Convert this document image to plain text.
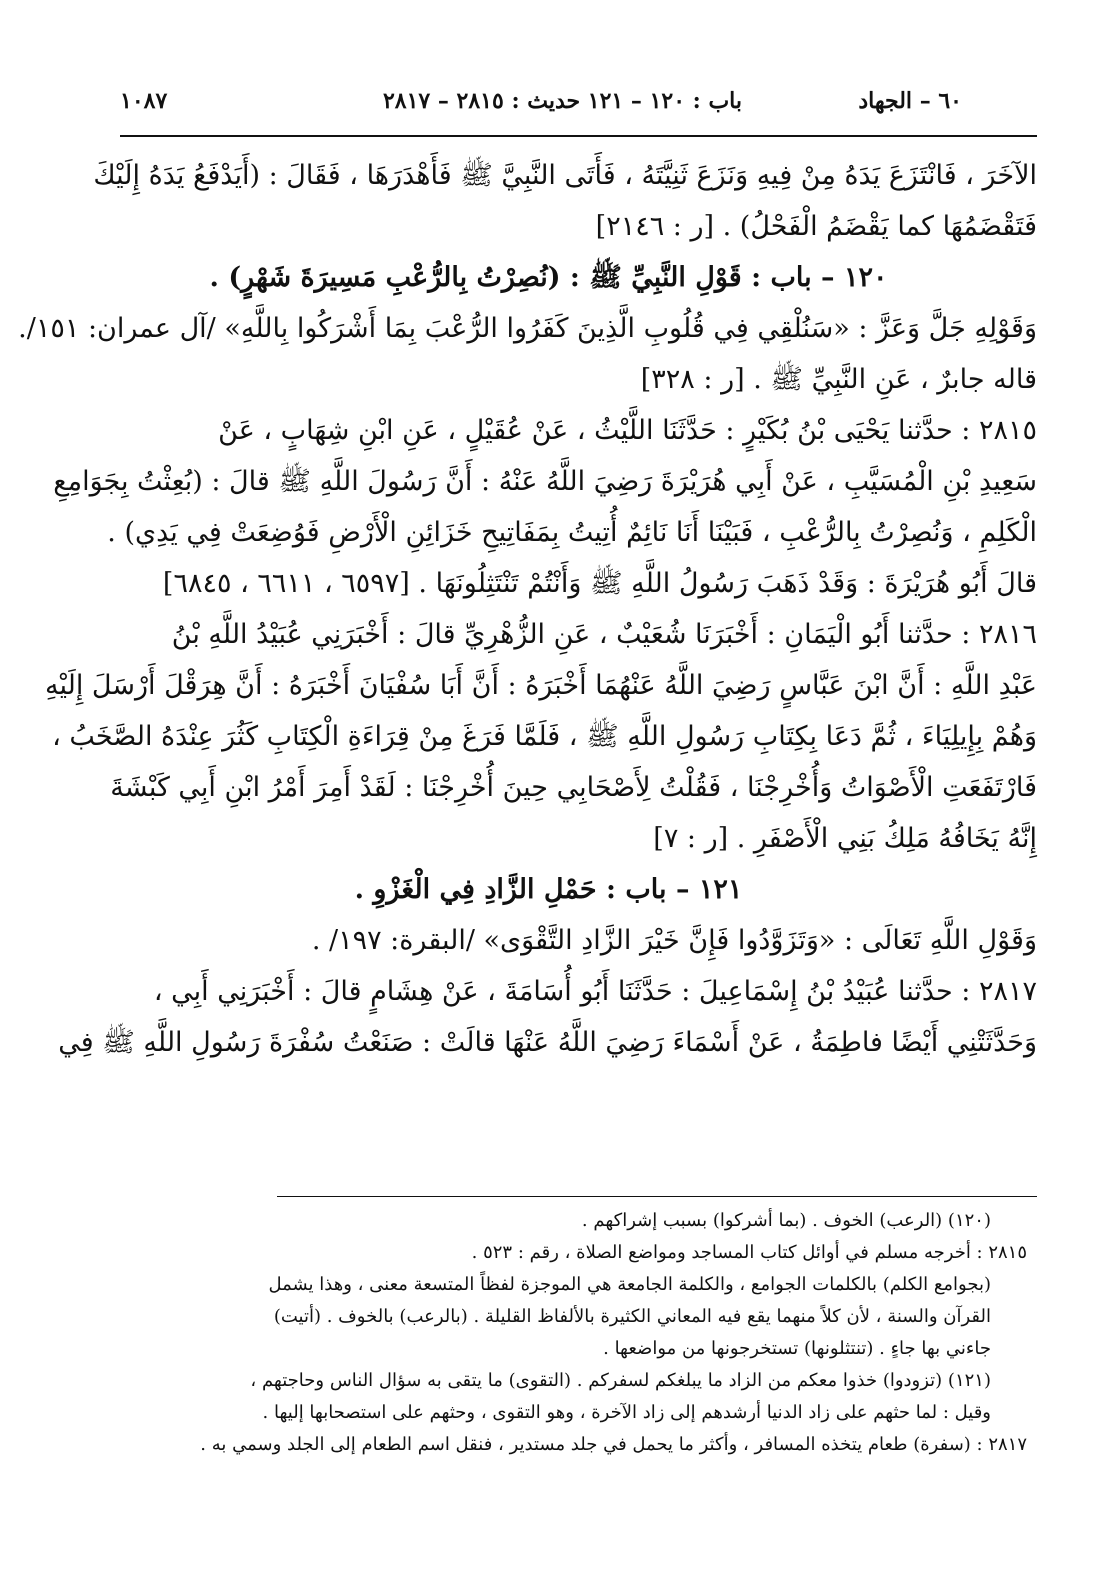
٦٠ – الجهاد
باب : ١٢٠ – ١٢١ حديث : ٢٨١٥ – ٢٨١٧
١٠٨٧
الآخَرَ ، فَانْتَزَعَ يَدَهُ مِنْ فِيهِ وَنَزَعَ ثَنِيَّتَهُ ، فَأَتَى النَّبِيَّ ﷺ فَأَهْدَرَهَا ، فَقَالَ : (أَيَدْفَعُ يَدَهُ إِلَيْكَ
فَتَقْضَمُهَا كما يَقْضَمُ الْفَحْلُ) . [ر : ٢١٤٦]
١٢٠ – باب : قَوْلِ النَّبِيِّ ﷺ : (نُصِرْتُ بِالرُّعْبِ مَسِيرَةَ شَهْرٍ) .
وَقَوْلِهِ جَلَّ وَعَزَّ : «سَنُلْقِي فِي قُلُوبِ الَّذِينَ كَفَرُوا الرُّعْبَ بِمَا أَشْرَكُوا بِاللَّهِ» /آل عمران: ١٥١/.
قاله جابرٌ ، عَنِ النَّبِيِّ ﷺ . [ر : ٣٢٨]
٢٨١٥ : حدَّثنا يَحْيَى بْنُ بُكَيْرٍ : حَدَّثَنَا اللَّيْثُ ، عَنْ عُقَيْلٍ ، عَنِ ابْنِ شِهَابٍ ، عَنْ
سَعِيدِ بْنِ الْمُسَيَّبِ ، عَنْ أَبِي هُرَيْرَةَ رَضِيَ اللَّهُ عَنْهُ : أَنَّ رَسُولَ اللَّهِ ﷺ قالَ : (بُعِثْتُ بِجَوَامِعِ
الْكَلِمِ ، وَنُصِرْتُ بِالرُّعْبِ ، فَبَيْنَا أَنَا نَائِمٌ أُتِيتُ بِمَفَاتِيحِ خَزَائِنِ الْأَرْضِ فَوُضِعَتْ فِي يَدِي) .
قالَ أَبُو هُرَيْرَةَ : وَقَدْ ذَهَبَ رَسُولُ اللَّهِ ﷺ وَأَنْتُمْ تَنْتَثِلُونَهَا . [٦٥٩٧ ، ٦٦١١ ، ٦٨٤٥]
٢٨١٦ : حدَّثنا أَبُو الْيَمَانِ : أَخْبَرَنَا شُعَيْبٌ ، عَنِ الزُّهْرِيِّ قالَ : أَخْبَرَنِي عُبَيْدُ اللَّهِ بْنُ
عَبْدِ اللَّهِ : أَنَّ ابْنَ عَبَّاسٍ رَضِيَ اللَّهُ عَنْهُمَا أَخْبَرَهُ : أَنَّ أَبَا سُفْيَانَ أَخْبَرَهُ : أَنَّ هِرَقْلَ أَرْسَلَ إِلَيْهِ
وَهُمْ بِإِيلِيَاءَ ، ثُمَّ دَعَا بِكِتَابِ رَسُولِ اللَّهِ ﷺ ، فَلَمَّا فَرَغَ مِنْ قِرَاءَةِ الْكِتَابِ كَثُرَ عِنْدَهُ الصَّخَبُ ،
فَارْتَفَعَتِ الْأَصْوَاتُ وَأُخْرِجْنَا ، فَقُلْتُ لِأَصْحَابِي حِينَ أُخْرِجْنَا : لَقَدْ أَمِرَ أَمْرُ ابْنِ أَبِي كَبْشَةَ
إِنَّهُ يَخَافُهُ مَلِكُ بَنِي الْأَصْفَرِ . [ر : ٧]
١٢١ – باب : حَمْلِ الزَّادِ فِي الْغَزْوِ .
وَقَوْلِ اللَّهِ تَعَالَى : «وَتَزَوَّدُوا فَإِنَّ خَيْرَ الزَّادِ التَّقْوَى» /البقرة: ١٩٧/ .
٢٨١٧ : حدَّثنا عُبَيْدُ بْنُ إِسْمَاعِيلَ : حَدَّثَنَا أَبُو أُسَامَةَ ، عَنْ هِشَامٍ قالَ : أَخْبَرَنِي أَبِي ،
وَحَدَّثَتْنِي أَيْضًا فاطِمَةُ ، عَنْ أَسْمَاءَ رَضِيَ اللَّهُ عَنْهَا قالَتْ : صَنَعْتُ سُفْرَةَ رَسُولِ اللَّهِ ﷺ فِي
(١٢٠) (الرعب) الخوف . (بما أشركوا) بسبب إشراكهم .
٢٨١٥ : أخرجه مسلم في أوائل كتاب المساجد ومواضع الصلاة ، رقم : ٥٢٣ .
(بجوامع الكلم) بالكلمات الجوامع ، والكلمة الجامعة هي الموجزة لفظاً المتسعة معنى ، وهذا يشمل
القرآن والسنة ، لأن كلاً منهما يقع فيه المعاني الكثيرة بالألفاظ القليلة . (بالرعب) بالخوف . (أتيت)
جاءني بها جاءٍ . (تنتثلونها) تستخرجونها من مواضعها .
(١٢١) (تزودوا) خذوا معكم من الزاد ما يبلغكم لسفركم . (التقوى) ما يتقى به سؤال الناس وحاجتهم ،
وقيل : لما حثهم على زاد الدنيا أرشدهم إلى زاد الآخرة ، وهو التقوى ، وحثهم على استصحابها إليها .
٢٨١٧ : (سفرة) طعام يتخذه المسافر ، وأكثر ما يحمل في جلد مستدير ، فنقل اسم الطعام إلى الجلد وسمي به .
